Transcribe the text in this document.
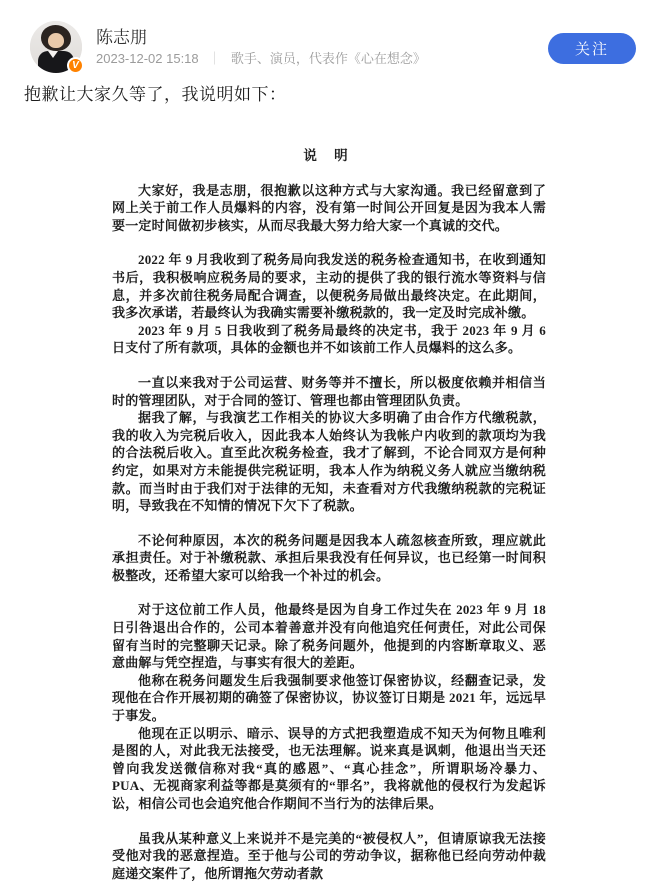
V
陈志朋
2023-12-02 15:18 ｜ 歌手、演员，代表作《心在想念》
关注
抱歉让大家久等了，我说明如下：
说 明

大家好，我是志朋，很抱歉以这种方式与大家沟通。我已经留意到了网上关于前工作人员爆料的内容，没有第一时间公开回复是因为我本人需要一定时间做初步核实，从而尽我最大努力给大家一个真诚的交代。

2022 年 9 月我收到了税务局向我发送的税务检查通知书，在收到通知书后，我积极响应税务局的要求，主动的提供了我的银行流水等资料与信息，并多次前往税务局配合调查，以便税务局做出最终决定。在此期间，我多次承诺，若最终认为我确实需要补缴税款的，我一定及时完成补缴。

2023 年 9 月 5 日我收到了税务局最终的决定书，我于 2023 年 9 月 6 日支付了所有款项，具体的金额也并不如该前工作人员爆料的这么多。

一直以来我对于公司运营、财务等并不擅长，所以极度依赖并相信当时的管理团队，对于合同的签订、管理也都由管理团队负责。

据我了解，与我演艺工作相关的协议大多明确了由合作方代缴税款，我的收入为完税后收入，因此我本人始终认为我帐户内收到的款项均为我的合法税后收入。直至此次税务检查，我才了解到，不论合同双方是何种约定，如果对方未能提供完税证明，我本人作为纳税义务人就应当缴纳税款。而当时由于我们对于法律的无知，未查看对方代我缴纳税款的完税证明，导致我在不知情的情况下欠下了税款。

不论何种原因，本次的税务问题是因我本人疏忽核查所致，理应就此承担责任。对于补缴税款、承担后果我没有任何异议，也已经第一时间积极整改，还希望大家可以给我一个补过的机会。

对于这位前工作人员，他最终是因为自身工作过失在 2023 年 9 月 18 日引咎退出合作的，公司本着善意并没有向他追究任何责任，对此公司保留有当时的完整聊天记录。除了税务问题外，他提到的内容断章取义、恶意曲解与凭空捏造，与事实有很大的差距。

他称在税务问题发生后我强制要求他签订保密协议，经翻查记录，发现他在合作开展初期的确签了保密协议，协议签订日期是 2021 年，远远早于事发。

他现在正以明示、暗示、误导的方式把我塑造成不知天为何物且唯利是图的人，对此我无法接受，也无法理解。说来真是讽刺，他退出当天还曾向我发送微信称对我“真的感恩”、“真心挂念”，所谓职场冷暴力、PUA、无视商家利益等都是莫须有的“罪名”，我将就他的侵权行为发起诉讼，相信公司也会追究他合作期间不当行为的法律后果。

虽我从某种意义上来说并不是完美的“被侵权人”，但请原谅我无法接受他对我的恶意捏造。至于他与公司的劳动争议，据称他已经向劳动仲裁庭递交案件了，他所谓拖欠劳动者款
